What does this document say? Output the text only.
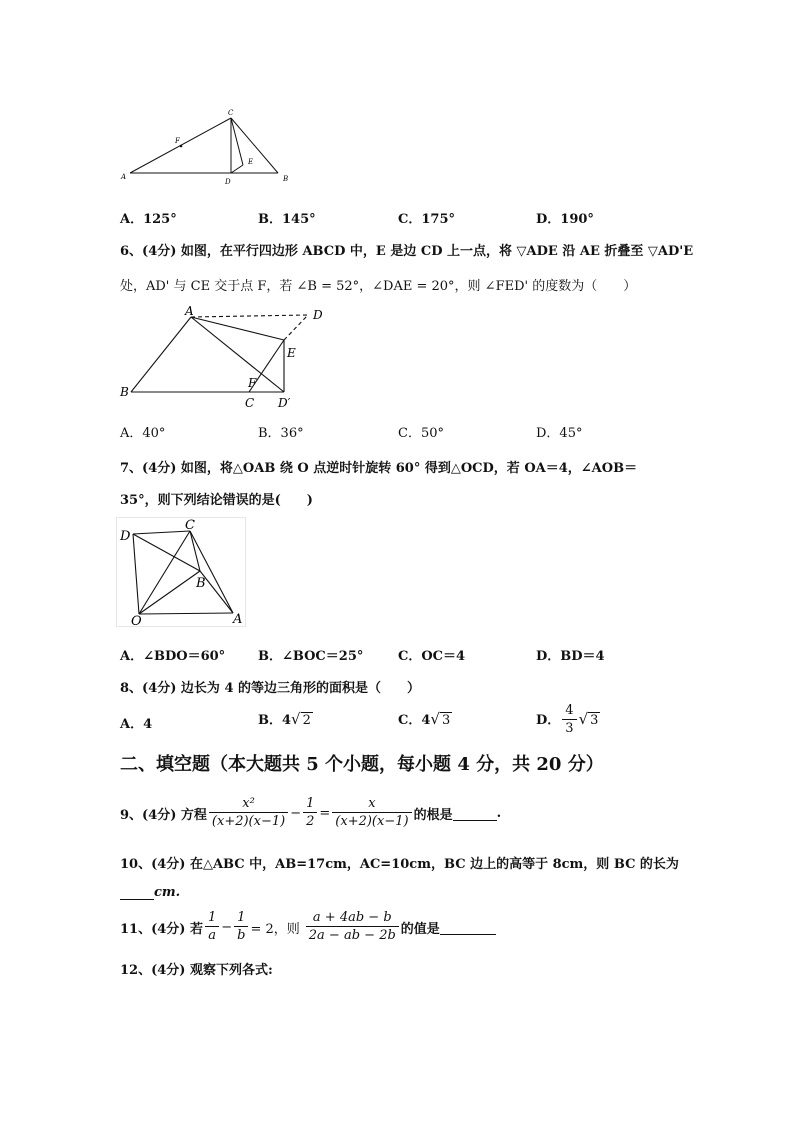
A	B
C
D
E
F
A．125°	B．145°	C．175°	D．190°
6、(4分) 如图，在平行四边形 ABCD 中，E 是边 CD 上一点，将 ▽ADE 沿 AE 折叠至 ▽AD'E
处，AD' 与 CE 交于点 F，若 ∠B = 52°，∠DAE = 20°，则 ∠FED' 的度数为（　　）
A	D
E
B
F
C D′
A．40°	B．36°	C．50°	D．45°
7、(4分) 如图，将△OAB 绕 O 点逆时针旋转 60° 得到△OCD，若 OA＝4，∠AOB＝
35°，则下列结论错误的是(　　)
D
C
B
O	A
A．∠BDO＝60°	B．∠BOC＝25°	C．OC＝4	D．BD＝4
8、(4分) 边长为 4 的等边三角形的面积是（　　）
A．4	B．4√ 2	C．4√ 3	D． $\frac{4}{3}$ √ 3
二、填空题（本大题共 5 个小题，每小题 4 分，共 20 分）
9、(4分) 方程 $\frac{\text{x²}}{(x+2)(x-1)} - \frac{1}{2} = \frac{x}{(x+2)(x-1)}$ 的根是	.
10、(4分) 在△ABC 中，AB=17cm，AC=10cm，BC 边上的高等于 8cm，则 BC 的长为
cm.
11、(4分) 若 $\frac{1}{a} - \frac{1}{b} = 2$，则 $\frac{a + 4ab - b}{2a - ab - 2b}$ 的值是
12、(4分) 观察下列各式:
